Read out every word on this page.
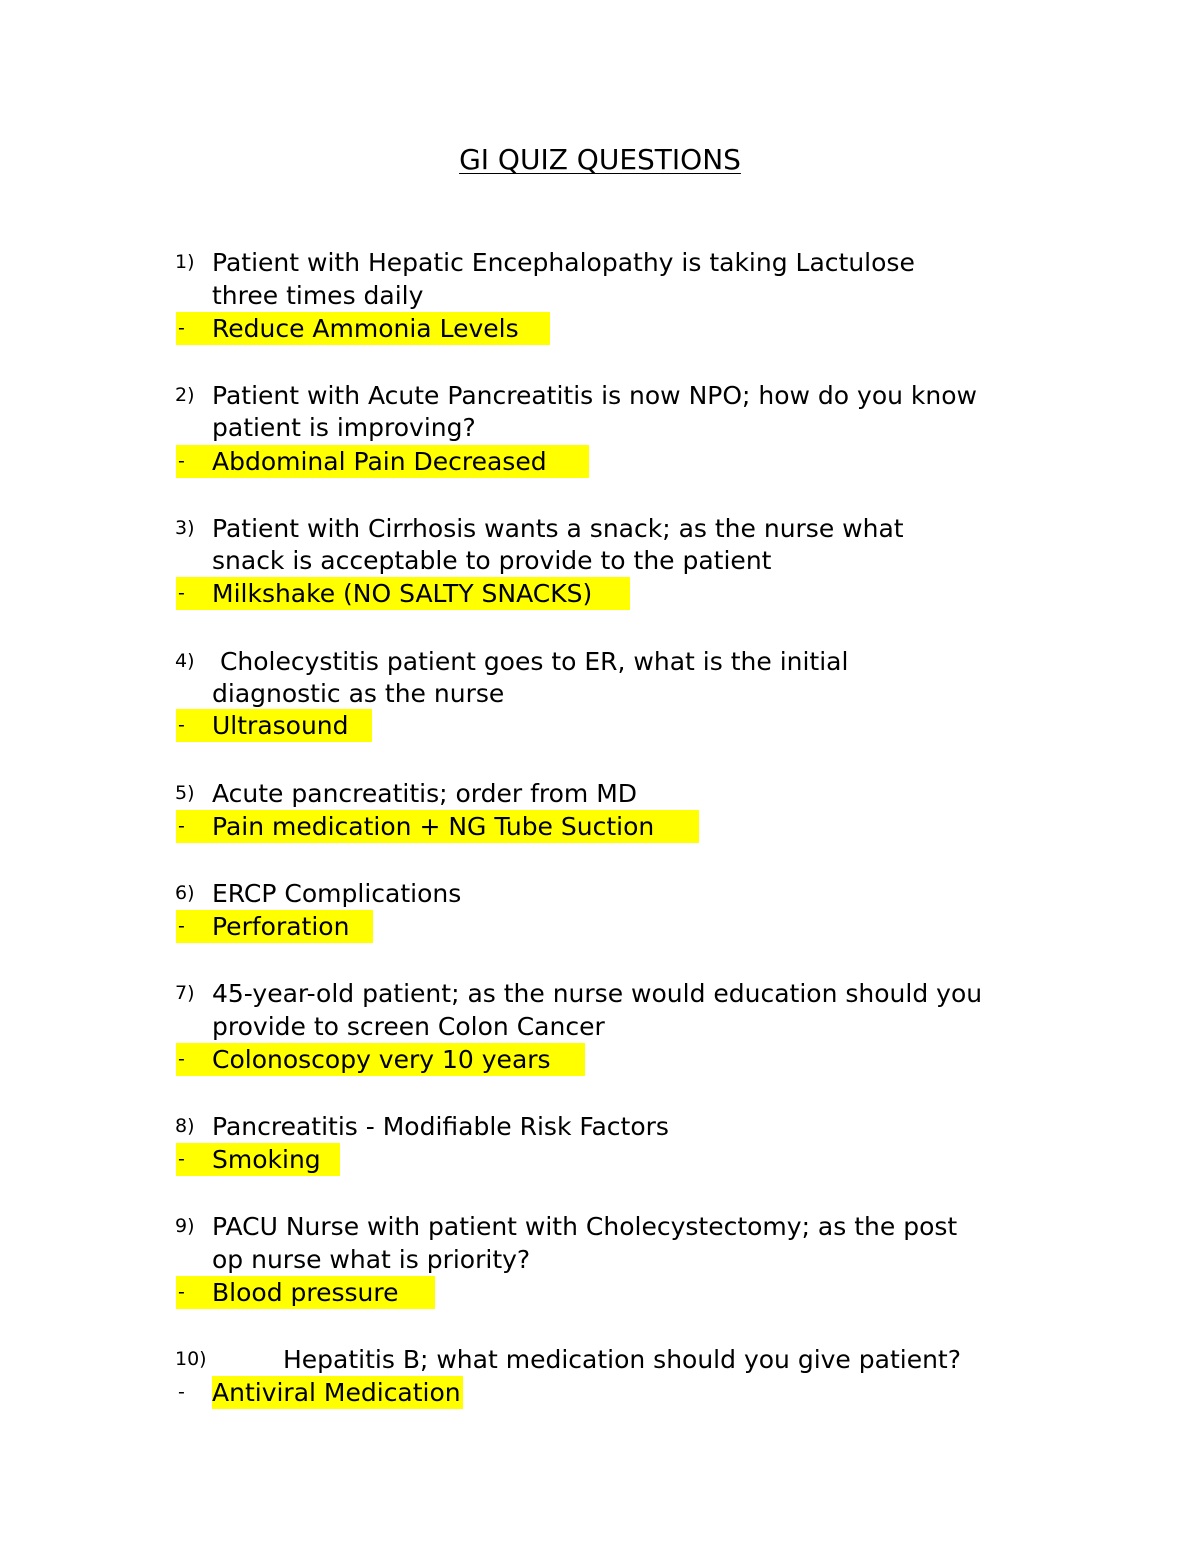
GI QUIZ QUESTIONS
1) Patient with Hepatic Encephalopathy is taking Lactulose
three times daily
-	Reduce Ammonia Levels
2) Patient with Acute Pancreatitis is now NPO; how do you know
patient is improving?
-	Abdominal Pain Decreased
3) Patient with Cirrhosis wants a snack; as the nurse what
snack is acceptable to provide to the patient
-	Milkshake (NO SALTY SNACKS)
4) Cholecystitis patient goes to ER, what is the initial
diagnostic as the nurse
-	Ultrasound
5) Acute pancreatitis; order from MD
-	Pain medication + NG Tube Suction
6) ERCP Complications
-	Perforation
7) 45-year-old patient; as the nurse would education should you
provide to screen Colon Cancer
-	Colonoscopy very 10 years
8) Pancreatitis - Modifiable Risk Factors
-	Smoking
9) PACU Nurse with patient with Cholecystectomy; as the post
op nurse what is priority?
-	Blood pressure
10)	Hepatitis B; what medication should you give patient?
-	Antiviral Medication
